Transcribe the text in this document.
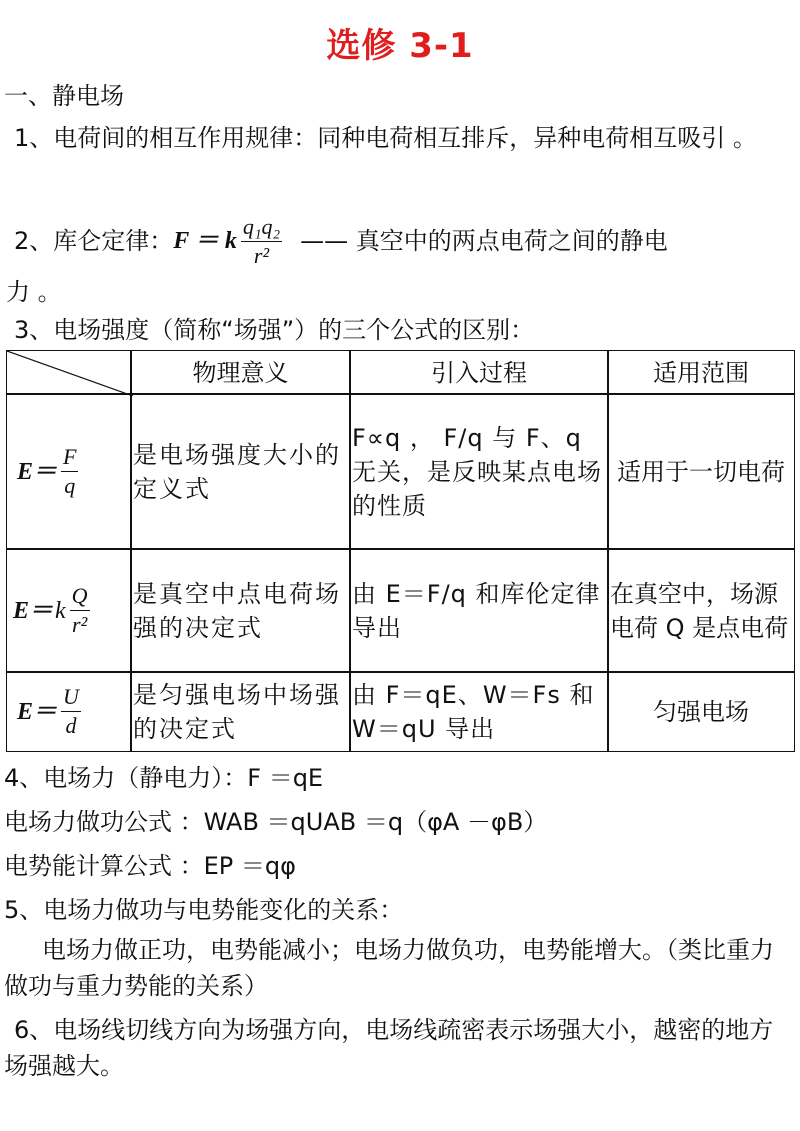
选修 3-1
一、静电场
1、电荷间的相互作用规律：同种电荷相互排斥，异种电荷相互吸引 。
2、库仑定律： F ＝ k $\frac{\text{q₁q₂}}{\text{r²}}$ —— 真空中的两点电荷之间的静电
力 。
3、电场强度（简称“场强”）的三个公式的区别：
物理意义	引入过程	适用范围
$E= \frac{F}{q}$ 是电场强度大小的定义式
F∝q ， F/q 与 F、q 无关，是反映某点电场的性质
适用于一切电荷
E＝ k $\frac{Q}{\text{r²}}$ 是真空中点电荷场强的决定式
由 E＝F/q 和库伦定律导出
在真空中，场源电荷 Q 是点电荷
$E= \frac{U}{d}$ 是匀强电场中场强的决定式
由 F＝qE、W＝Fs 和 W＝qU 导出
匀强电场
4、电场力（静电力）：F ＝qE
电场力做功公式 ：WAB ＝qUAB ＝q（φA －φB）
电势能计算公式 ：EP ＝qφ
5、电场力做功与电势能变化的关系：
电场力做正功，电势能减小；电场力做负功，电势能增大。（类比重力做功与重力势能的关系）
6、电场线切线方向为场强方向，电场线疏密表示场强大小，越密的地方场强越大。
